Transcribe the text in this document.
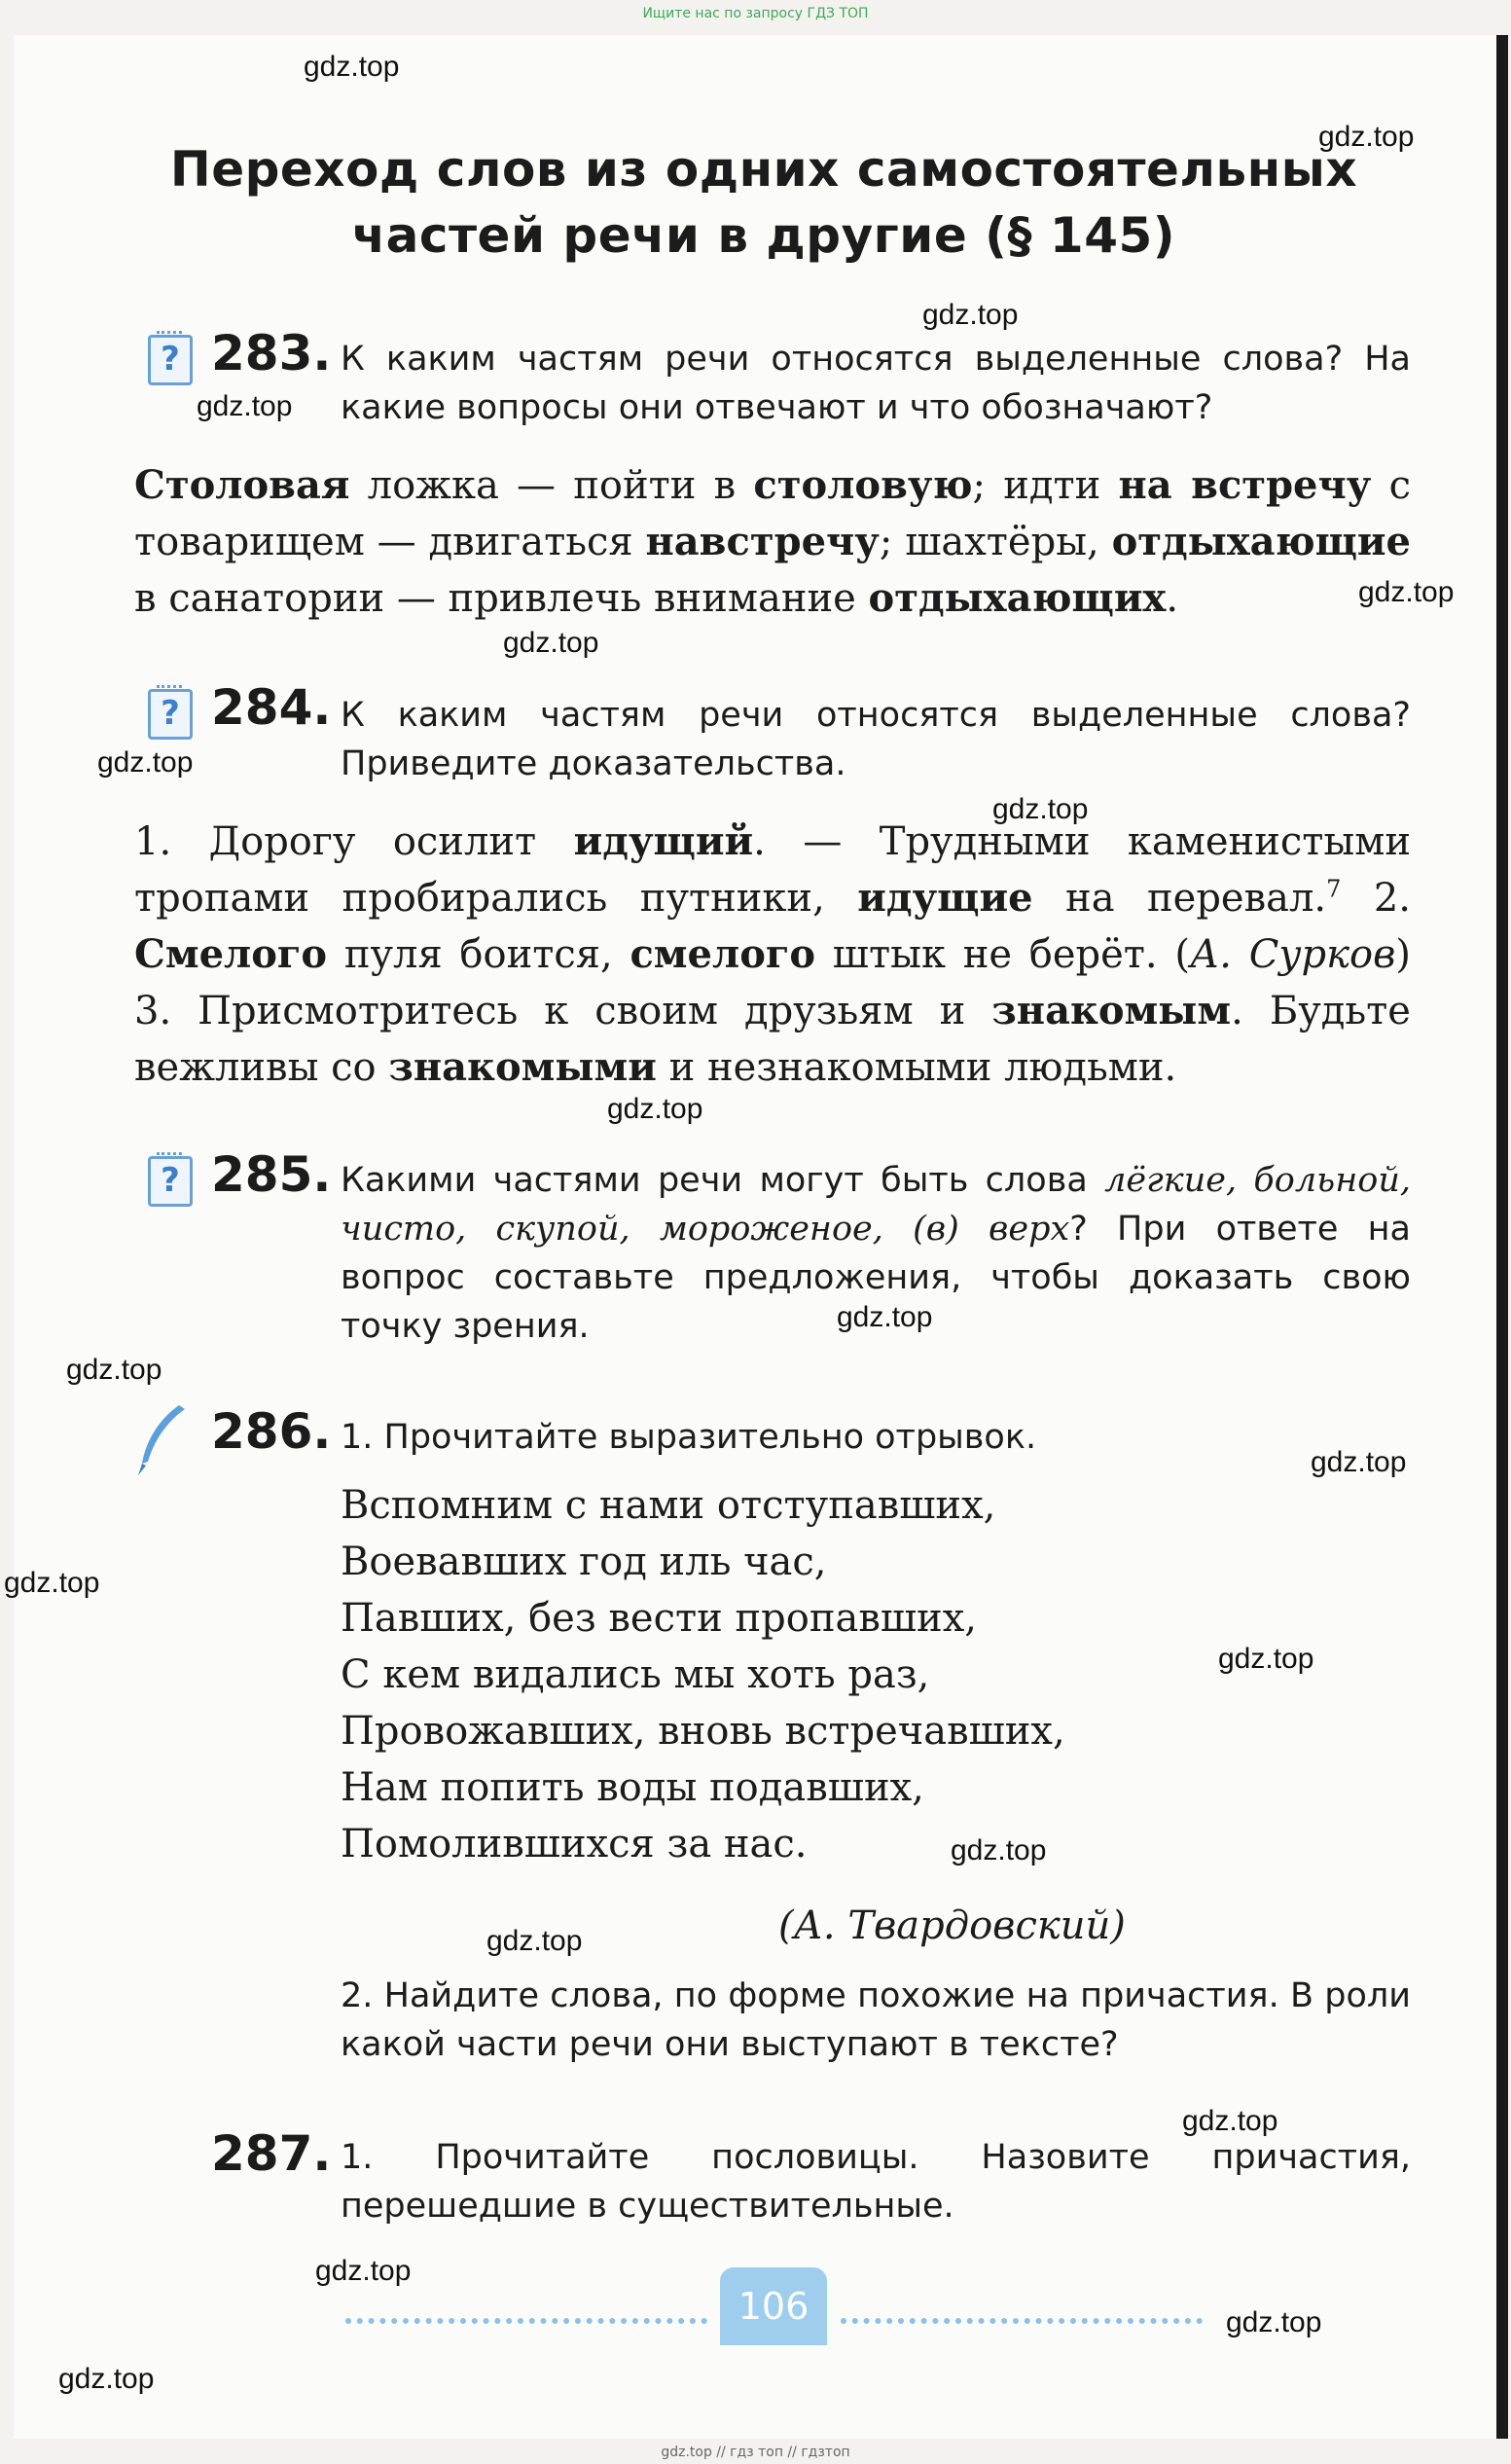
Ищите нас по запросу ГДЗ ТОП
gdz.top
gdz.top
gdz.top
gdz.top
gdz.top
gdz.top
gdz.top
gdz.top
gdz.top
gdz.top
gdz.top
gdz.top
gdz.top
gdz.top
gdz.top
gdz.top
gdz.top
gdz.top
gdz.top
gdz.top
Переход слов из одних самостоятельных
частей речи в другие (§ 145)
? 283. К каким частям речи относятся выделенные слова? На какие вопросы они отвечают и что обозначают?
Столовая ложка — пойти в столовую; идти на встречу с товарищем — двигаться навстречу; шахтёры, отдыхающие в санатории — привлечь внимание отдыхающих.
? 284. К каким частям речи относятся выделенные слова? Приведите доказательства.
1. Дорогу осилит идущий. — Трудными каменистыми тропами пробирались путники, идущие на перевал.$^7$ 2. Смелого пуля боится, смелого штык не берёт. (А. Сурков) 3. Присмотритесь к своим друзьям и знакомым. Будьте вежливы со знакомыми и незнакомыми людьми.
? 285. Какими частями речи могут быть слова лёгкие, больной, чисто, скупой, мороженое, (в) верх? При ответе на вопрос составьте предложения, чтобы доказать свою точку зрения.
286. 1. Прочитайте выразительно отрывок.
Вспомним с нами отступавших,
Воевавших год иль час,
Павших, без вести пропавших,
С кем видались мы хоть раз,
Провожавших, вновь встречавших,
Нам попить воды подавших,
Помолившихся за нас.
(А. Твардовский)
2. Найдите слова, по форме похожие на причастия. В роли какой части речи они выступают в тексте?
287. 1. Прочитайте пословицы. Назовите причастия, перешедшие в существительные.
106
gdz.top // гдз топ // гдзтоп
